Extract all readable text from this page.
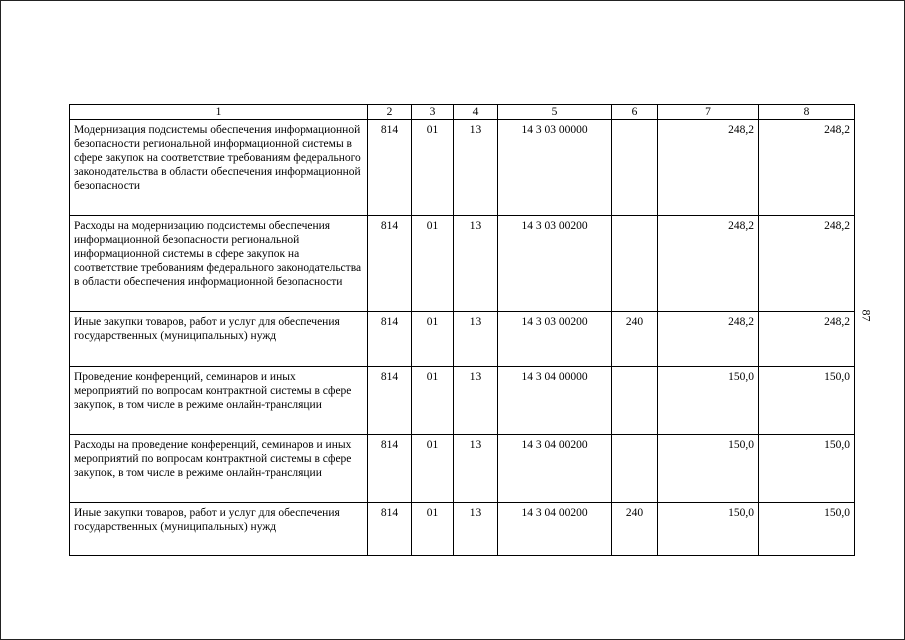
1	2	3	4	5	6	7	8
Модернизация подсистемы обеспечения информационной безопасности региональной информационной системы в сфере закупок на соответствие требованиям федерального законодательства в области обеспечения информационной безопасности	814	01	13	14 3 03 00000		248,2	248,2
Расходы на модернизацию подсистемы обеспечения информационной безопасности региональной информационной системы в сфере закупок на соответствие требованиям федерального законодательства в области обеспечения информационной безопасности	814	01	13	14 3 03 00200		248,2	248,2
Иные закупки товаров, работ и услуг для обеспечения государственных (муниципальных) нужд	814	01	13	14 3 03 00200	240	248,2	248,2
Проведение конференций, семинаров и иных мероприятий по вопросам контрактной системы в сфере закупок, в том числе в режиме онлайн-трансляции	814	01	13	14 3 04 00000		150,0	150,0
Расходы на проведение конференций, семинаров и иных мероприятий по вопросам контрактной системы в сфере закупок, в том числе в режиме онлайн-трансляции	814	01	13	14 3 04 00200		150,0	150,0
Иные закупки товаров, работ и услуг для обеспечения государственных (муниципальных) нужд	814	01	13	14 3 04 00200	240	150,0	150,0
87
